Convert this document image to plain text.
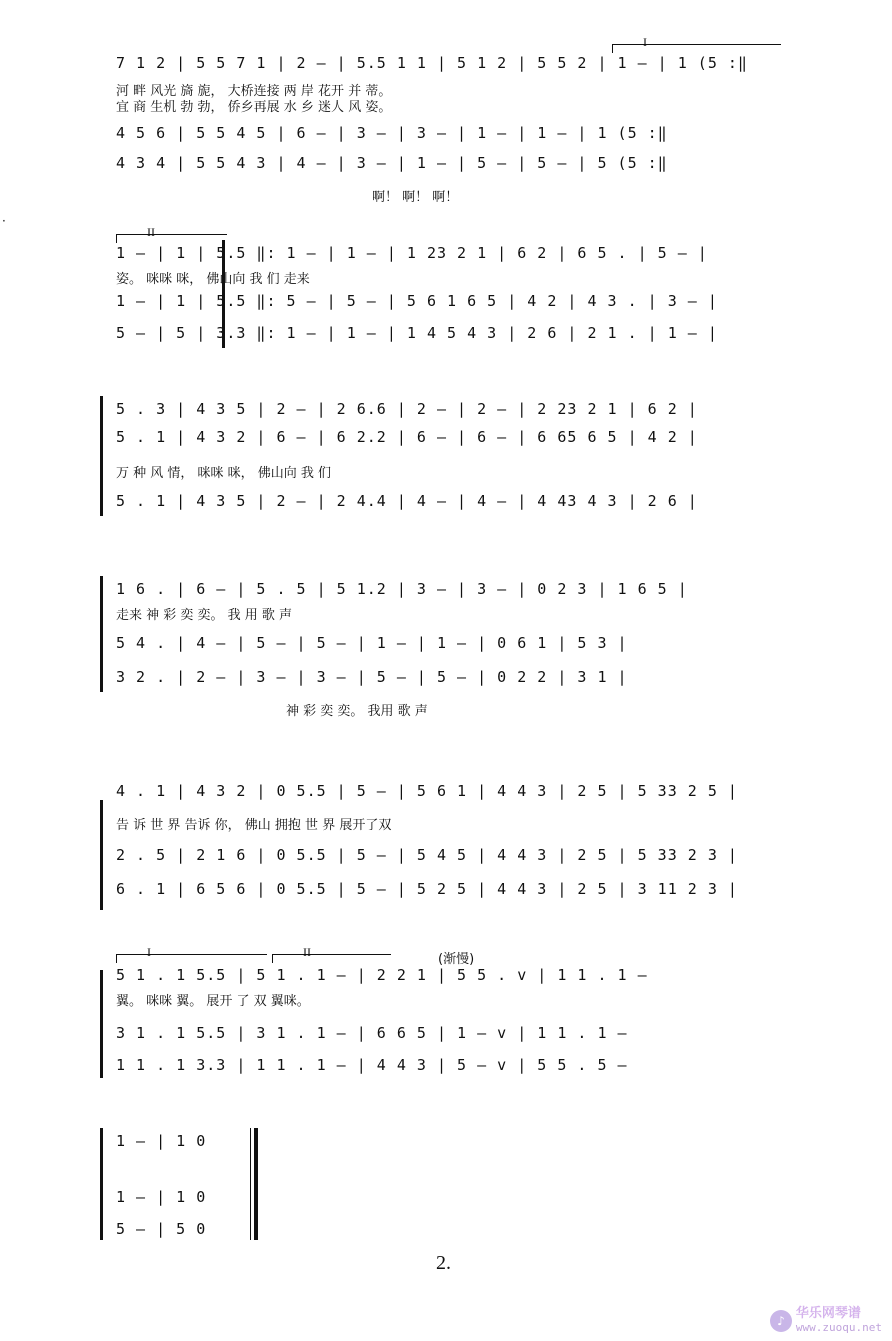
I
7 1 2 | 5 5 7 1 | 2 — | 5.5 1 1 | 5 1 2 | 5 5 2 | 1 — | 1 (5 :‖
河 畔 风光 旖 旎， 大桥连接 两 岸 花开 并 蒂。
宜 商 生机 勃 勃， 侨乡再展 水 乡 迷人 风 姿。
4 5 6 | 5 5 4 5 | 6 — | 3 — | 3 — | 1 — | 1 — | 1 (5 :‖
4 3 4 | 5 5 4 3 | 4 — | 3 — | 1 — | 5 — | 5 — | 5 (5 :‖
啊！ 啊！ 啊！
·
II
1 — | 1 | 5.5 ‖: 1 — | 1 — | 1 23 2 1 | 6 2 | 6 5 . | 5 — |
姿。 咪咪 咪， 佛山向 我 们 走来
1 — | 1 | 5.5 ‖: 5 — | 5 — | 5 6 1 6 5 | 4 2 | 4 3 . | 3 — |
5 — | 5 | 3.3 ‖: 1 — | 1 — | 1 4 5 4 3 | 2 6 | 2 1 . | 1 — |
5 . 3 | 4 3 5 | 2 — | 2 6.6 | 2 — | 2 — | 2 23 2 1 | 6 2 |
5 . 1 | 4 3 2 | 6 — | 6 2.2 | 6 — | 6 — | 6 65 6 5 | 4 2 |
万 种 风 情， 咪咪 咪， 佛山向 我 们
5 . 1 | 4 3 5 | 2 — | 2 4.4 | 4 — | 4 — | 4 43 4 3 | 2 6 |
1 6 . | 6 — | 5 . 5 | 5 1.2 | 3 — | 3 — | 0 2 3 | 1 6 5 |
走来 神 彩 奕 奕。 我 用 歌 声
5 4 . | 4 — | 5 — | 5 — | 1 — | 1 — | 0 6 1 | 5 3 |
3 2 . | 2 — | 3 — | 3 — | 5 — | 5 — | 0 2 2 | 3 1 |
神 彩 奕 奕。 我用 歌 声
4 . 1 | 4 3 2 | 0 5.5 | 5 — | 5 6 1 | 4 4 3 | 2 5 | 5 33 2 5 |
告 诉 世 界 告诉 你， 佛山 拥抱 世 界 展开了双
2 . 5 | 2 1 6 | 0 5.5 | 5 — | 5 4 5 | 4 4 3 | 2 5 | 5 33 2 3 |
6 . 1 | 6 5 6 | 0 5.5 | 5 — | 5 2 5 | 4 4 3 | 2 5 | 3 11 2 3 |
I	II	(渐慢)
5 1 . 1 5.5 | 5 1 . 1 — | 2 2 1 | 5 5 . v | 1 1 . 1 —
翼。 咪咪 翼。 展开 了 双 翼咪。
3 1 . 1 5.5 | 3 1 . 1 — | 6 6 5 | 1 — v | 1 1 . 1 —
1 1 . 1 3.3 | 1 1 . 1 — | 4 4 3 | 5 — v | 5 5 . 5 —
1 — | 1 0
1 — | 1 0
5 — | 5 0
2.
♪ 华乐网琴谱
www.zuoqu.net
